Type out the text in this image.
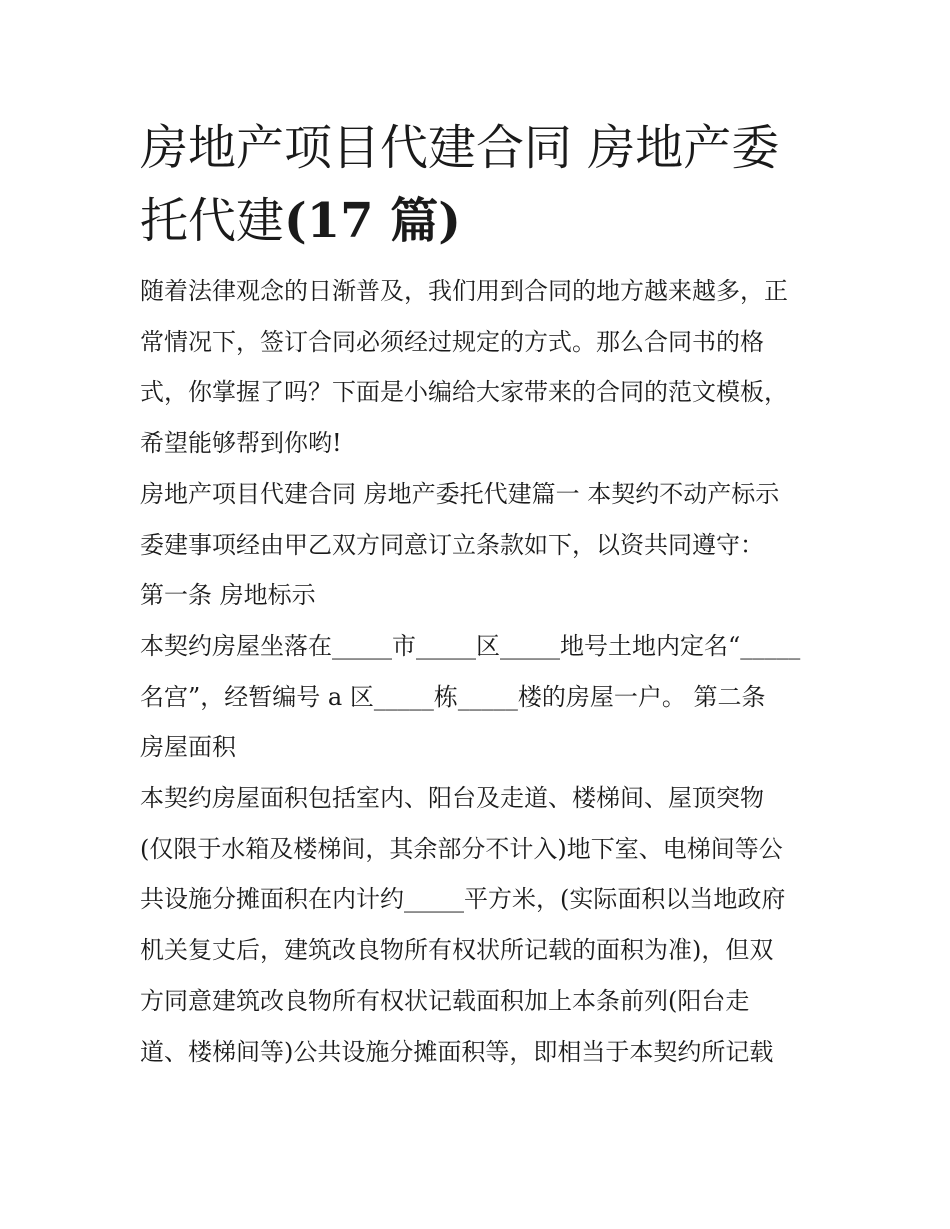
房地产项目代建合同 房地产委
托代建(17 篇)
随着法律观念的日渐普及，我们用到合同的地方越来越多，正
常情况下，签订合同必须经过规定的方式。那么合同书的格
式，你掌握了吗？下面是小编给大家带来的合同的范文模板，
希望能够帮到你哟!
房地产项目代建合同 房地产委托代建篇一 本契约不动产标示
委建事项经由甲乙双方同意订立条款如下，以资共同遵守：
第一条 房地标示
本契约房屋坐落在_____市_____区_____地号土地内定名“_____
名宫”，经暂编号 a 区_____栋_____楼的房屋一户。 第二条
房屋面积
本契约房屋面积包括室内、阳台及走道、楼梯间、屋顶突物
(仅限于水箱及楼梯间，其余部分不计入)地下室、电梯间等公
共设施分摊面积在内计约_____平方米，(实际面积以当地政府
机关复丈后，建筑改良物所有权状所记载的面积为准)，但双
方同意建筑改良物所有权状记载面积加上本条前列(阳台走
道、楼梯间等)公共设施分摊面积等，即相当于本契约所记载
